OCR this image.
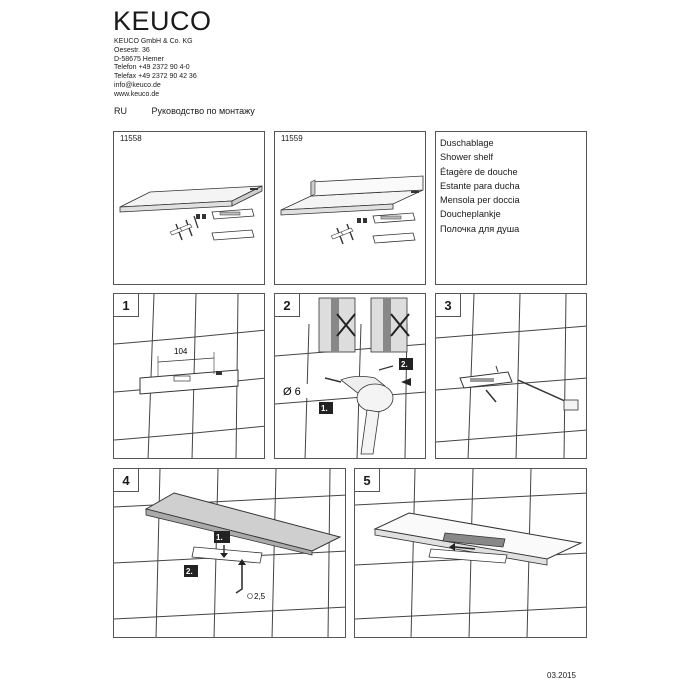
KEUCO
KEUCO GmbH & Co. KG
Oesestr. 36
D-58675 Hemer
Telefon +49 2372 90 4-0
Telefax +49 2372 90 42 36
info@keuco.de
www.keuco.de
RU	Руководство по монтажу
11558	11559	Duschablage
Shower shelf
Étagère de douche
Estante para ducha
Mensola per doccia
Doucheplankje
Полочка для душа
1
104
2
2.
1.
Ø 6
3
4
1.
2.
2,5
5
03.2015
